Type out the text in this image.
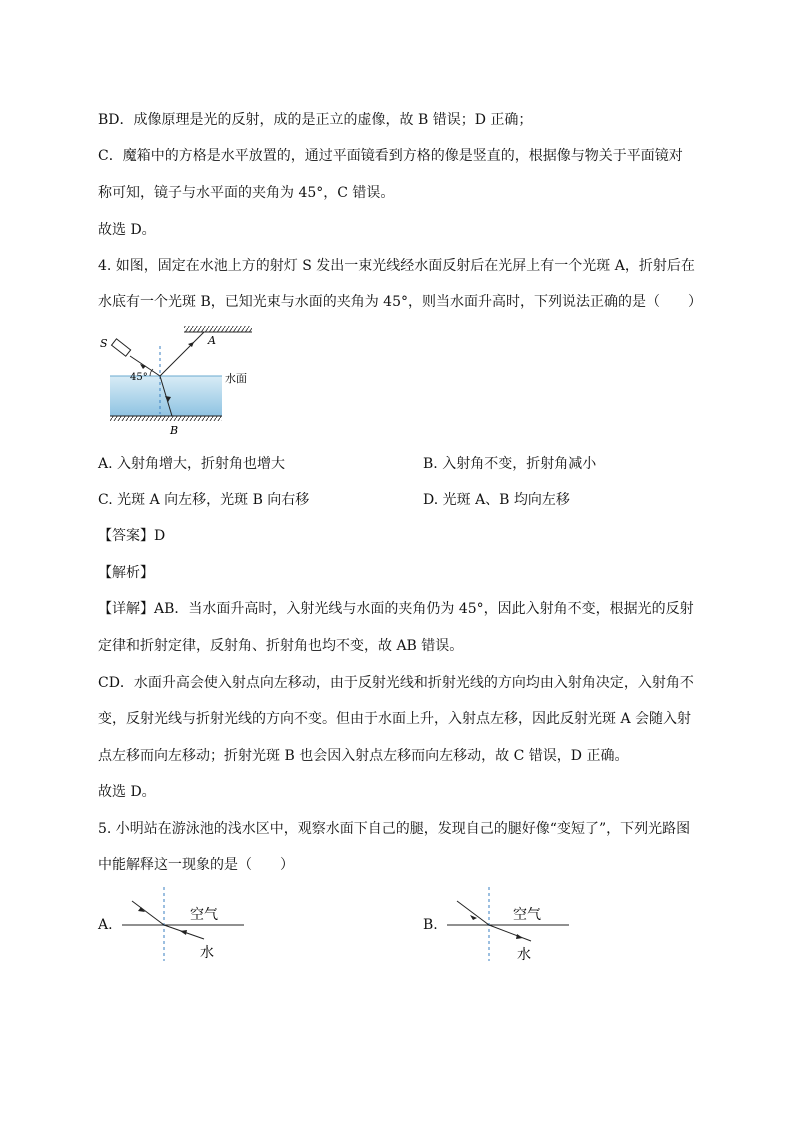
BD．成像原理是光的反射，成的是正立的虚像，故 B 错误；D 正确；
C．魔箱中的方格是水平放置的，通过平面镜看到方格的像是竖直的，根据像与物关于平面镜对
称可知，镜子与水平面的夹角为 45°，C 错误。
故选 D。
4. 如图，固定在水池上方的射灯 S 发出一束光线经水面反射后在光屏上有一个光斑 A，折射后在
水底有一个光斑 B，已知光束与水面的夹角为 45°，则当水面升高时，下列说法正确的是（　　）
S	A
B
45°	水面
A. 入射角增大，折射角也增大	B. 入射角不变，折射角减小
C. 光斑 A 向左移，光斑 B 向右移	D. 光斑 A、B 均向左移
【答案】D
【解析】
【详解】AB．当水面升高时，入射光线与水面的夹角仍为 45°，因此入射角不变，根据光的反射
定律和折射定律，反射角、折射角也均不变，故 AB 错误。
CD．水面升高会使入射点向左移动，由于反射光线和折射光线的方向均由入射角决定，入射角不
变，反射光线与折射光线的方向不变。但由于水面上升，入射点左移，因此反射光斑 A 会随入射
点左移而向左移动；折射光斑 B 也会因入射点左移而向左移动，故 C 错误，D 正确。
故选 D。
5. 小明站在游泳池的浅水区中，观察水面下自己的腿，发现自己的腿好像“变短了”，下列光路图
中能解释这一现象的是（　　）
A.
空气
水
B.
空气
水
